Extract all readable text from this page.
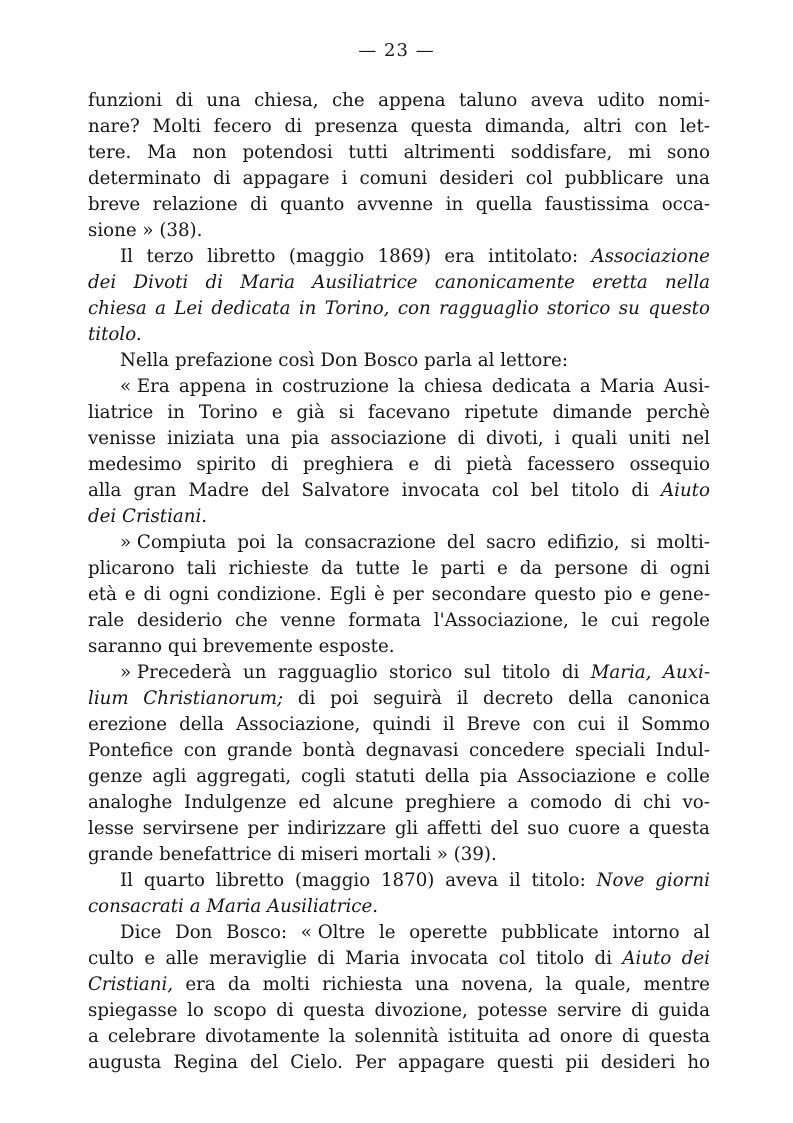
— 23 —
funzioni di una chiesa, che appena taluno aveva udito nomi-
nare? Molti fecero di presenza questa dimanda, altri con let-
tere. Ma non potendosi tutti altrimenti soddisfare, mi sono
determinato di appagare i comuni desideri col pubblicare una
breve relazione di quanto avvenne in quella faustissima occa-
sione » (38).
Il terzo libretto (maggio 1869) era intitolato: Associazione
dei Divoti di Maria Ausiliatrice canonicamente eretta nella
chiesa a Lei dedicata in Torino, con ragguaglio storico su questo
titolo.
Nella prefazione così Don Bosco parla al lettore:
« Era appena in costruzione la chiesa dedicata a Maria Ausi-
liatrice in Torino e già si facevano ripetute dimande perchè
venisse iniziata una pia associazione di divoti, i quali uniti nel
medesimo spirito di preghiera e di pietà facessero ossequio
alla gran Madre del Salvatore invocata col bel titolo di Aiuto
dei Cristiani.
» Compiuta poi la consacrazione del sacro edifizio, si molti-
plicarono tali richieste da tutte le parti e da persone di ogni
età e di ogni condizione. Egli è per secondare questo pio e gene-
rale desiderio che venne formata l'Associazione, le cui regole
saranno qui brevemente esposte.
» Precederà un ragguaglio storico sul titolo di Maria, Auxi-
lium Christianorum; di poi seguirà il decreto della canonica
erezione della Associazione, quindi il Breve con cui il Sommo
Pontefice con grande bontà degnavasi concedere speciali Indul-
genze agli aggregati, cogli statuti della pia Associazione e colle
analoghe Indulgenze ed alcune preghiere a comodo di chi vo-
lesse servirsene per indirizzare gli affetti del suo cuore a questa
grande benefattrice di miseri mortali » (39).
Il quarto libretto (maggio 1870) aveva il titolo: Nove giorni
consacrati a Maria Ausiliatrice.
Dice Don Bosco: « Oltre le operette pubblicate intorno al
culto e alle meraviglie di Maria invocata col titolo di Aiuto dei
Cristiani, era da molti richiesta una novena, la quale, mentre
spiegasse lo scopo di questa divozione, potesse servire di guida
a celebrare divotamente la solennità istituita ad onore di questa
augusta Regina del Cielo. Per appagare questi pii desideri ho
